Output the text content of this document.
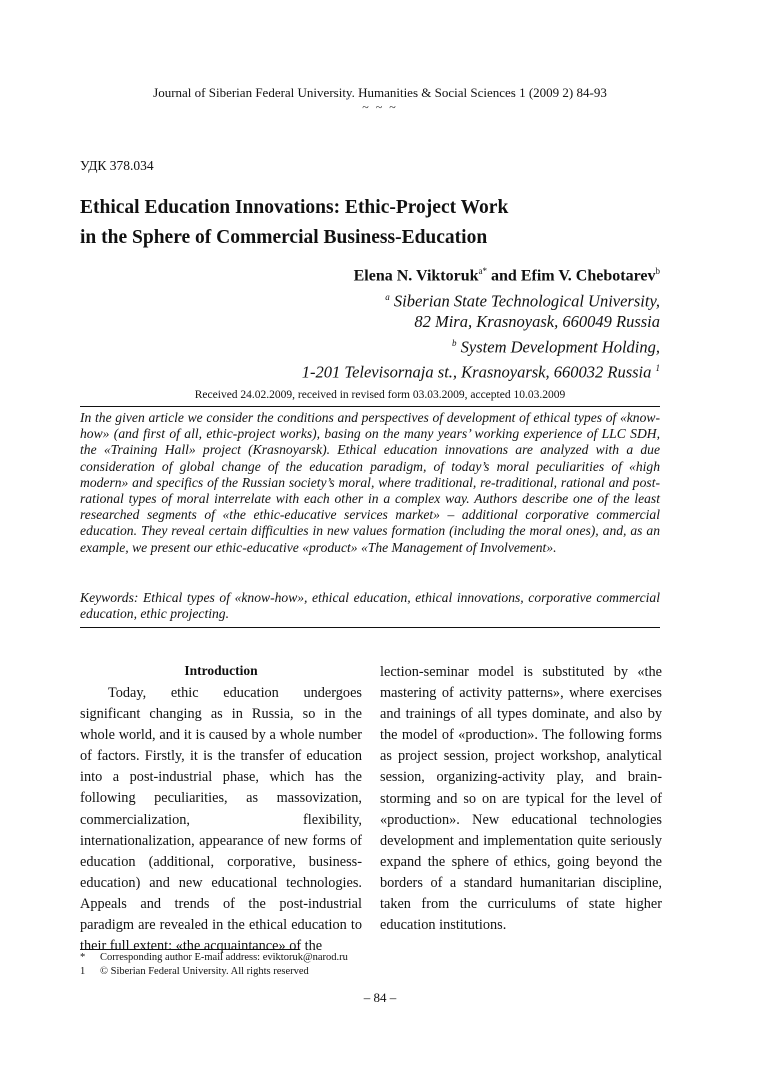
Journal of Siberian Federal University. Humanities & Social Sciences 1 (2009 2) 84-93
~ ~ ~
УДК 378.034
Ethical Education Innovations: Ethic-Project Work
in the Sphere of Commercial Business-Education
Elena N. Viktoruk$^{a*}$ and Efim V. Chebotarev$^b$
$^a$ Siberian State Technological University,
82 Mira, Krasnoyask, 660049 Russia
$^b$ System Development Holding,
1-201 Televisornaja st., Krasnoyarsk, 660032 Russia $^1$
Received 24.02.2009, received in revised form 03.03.2009, accepted 10.03.2009
In the given article we consider the conditions and perspectives of development of ethical types of «know-how» (and first of all, ethic-project works), basing on the many years’ working experience of LLC SDH, the «Training Hall» project (Krasnoyarsk). Ethical education innovations are analyzed with a due consideration of global change of the education paradigm, of today’s moral peculiarities of «high modern» and specifics of the Russian society’s moral, where traditional, re-traditional, rational and post-rational types of moral interrelate with each other in a complex way. Authors describe one of the least researched segments of «the ethic-educative services market» – additional corporative commercial education. They reveal certain difficulties in new values formation (including the moral ones), and, as an example, we present our ethic-educative «product» «The Management of Involvement».
Keywords: Ethical types of «know-how», ethical education, ethical innovations, corporative commercial education, ethic projecting.
Introduction
Today, ethic education undergoes significant changing as in Russia, so in the whole world, and it is caused by a whole number of factors. Firstly, it is the transfer of education into a post-industrial phase, which has the following peculiarities, as massovization, commercialization, flexibility, internationalization, appearance of new forms of education (additional, corporative, business-education) and new educational technologies. Appeals and trends of the post-industrial paradigm are revealed in the ethical education to their full extent: «the acquaintance» of the
lection-seminar model is substituted by «the mastering of activity patterns», where exercises and trainings of all types dominate, and also by the model of «production». The following forms as project session, project workshop, analytical session, organizing-activity play, and brain-storming and so on are typical for the level of «production». New educational technologies development and implementation quite seriously expand the sphere of ethics, going beyond the borders of a standard humanitarian discipline, taken from the curriculums of state higher education institutions.
* Corresponding author E-mail address: eviktoruk@narod.ru
1 © Siberian Federal University. All rights reserved
– 84 –
